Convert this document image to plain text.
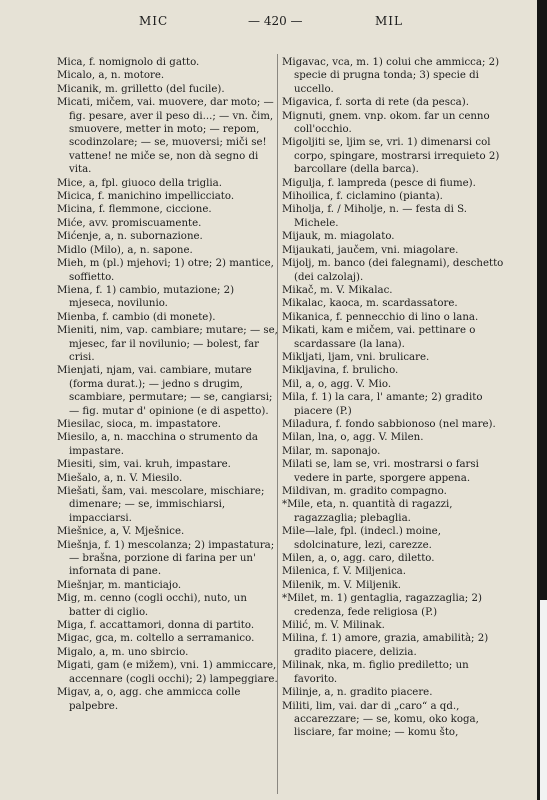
MIC	— 420 —	MIL
Mica, f. nomignolo di gatto.
Micalo, a, n. motore.
Micanik, m. grilletto (del fucile).
Micati, mičem, vai. muovere, dar moto; — fig. pesare, aver il peso di...; — vn. čim, smuovere, metter in moto; — repom, scodinzolare; — se, muoversi; miči se! vattene! ne miče se, non dà segno di vita.
Mice, a, fpl. giuoco della triglia.
Micica, f. manichino impellicciato.
Micina, f. flemmone, ciccione.
Miće, avv. promiscuamente.
Mićenje, a, n. subornazione.
Midlo (Milo), a, n. sapone.
Mieh, m (pl.) mjehovi; 1) otre; 2) mantice, soffietto.
Miena, f. 1) cambio, mutazione; 2) mjeseca, novilunio.
Mienba, f. cambio (di monete).
Mieniti, nim, vap. cambiare; mutare; — se, mjesec, far il novilunio; — bolest, far crisi.
Mienjati, njam, vai. cambiare, mutare (forma durat.); — jedno s drugim, scambiare, permutare; — se, cangiarsi; — fig. mutar d' opinione (e di aspetto).
Miesilac, sioca, m. impastatore.
Miesilo, a, n. macchina o strumento da impastare.
Miesiti, sim, vai. kruh, impastare.
Miešalo, a, n. V. Miesilo.
Miešati, šam, vai. mescolare, mischiare; dimenare; — se, immischiarsi, impacciarsi.
Miešnice, a, V. Mješnice.
Miešnja, f. 1) mescolanza; 2) impastatura; — brašna, porzione di farina per un' infornata di pane.
Miešnjar, m. manticiajo.
Mig, m. cenno (cogli occhi), nuto, un batter di ciglio.
Miga, f. accattamori, donna di partito.
Migac, gca, m. coltello a serramanico.
Migalo, a, m. uno sbircio.
Migati, gam (e mižem), vni. 1) ammiccare, accennare (cogli occhi); 2) lampeggiare.
Migav, a, o, agg. che ammicca colle palpebre.
Migavac, vca, m. 1) colui che ammicca; 2) specie di prugna tonda; 3) specie di uccello.
Migavica, f. sorta di rete (da pesca).
Mignuti, gnem. vnp. okom. far un cenno coll'occhio.
Migoljiti se, ljim se, vri. 1) dimenarsi col corpo, spingare, mostrarsi irrequieto 2) barcollare (della barca).
Migulja, f. lampreda (pesce di fiume).
Mihoilica, f. ciclamino (pianta).
Miholja, f. / Miholje, n. — festa di S. Michele.
Mijauk, m. miagolato.
Mijaukati, jaučem, vni. miagolare.
Mijolj, m. banco (dei falegnami), deschetto (dei calzolaj).
Mikač, m. V. Mikalac.
Mikalac, kaoca, m. scardassatore.
Mikanica, f. pennecchio di lino o lana.
Mikati, kam e mičem, vai. pettinare o scardassare (la lana).
Mikljati, ljam, vni. brulicare.
Mikljavina, f. brulicho.
Mil, a, o, agg. V. Mio.
Mila, f. 1) la cara, l' amante; 2) gradito piacere (P.)
Miladura, f. fondo sabbionoso (nel mare).
Milan, lna, o, agg. V. Milen.
Milar, m. saponajo.
Milati se, lam se, vri. mostrarsi o farsi vedere in parte, sporgere appena.
Mildivan, m. gradito compagno.
*Mile, eta, n. quantità di ragazzi, ragazzaglia; plebaglia.
Mile—lale, fpl. (indecl.) moine, sdolcinature, lezi, carezze.
Milen, a, o, agg. caro, diletto.
Milenica, f. V. Miljenica.
Milenik, m. V. Miljenik.
*Milet, m. 1) gentaglia, ragazzaglia; 2) credenza, fede religiosa (P.)
Milić, m. V. Milinak.
Milina, f. 1) amore, grazia, amabilità; 2) gradito piacere, delizia.
Milinak, nka, m. figlio prediletto; un favorito.
Milinje, a, n. gradito piacere.
Militi, lim, vai. dar di „caro“ a qd., accarezzare; — se, komu, oko koga, lisciare, far moine; — komu što,
